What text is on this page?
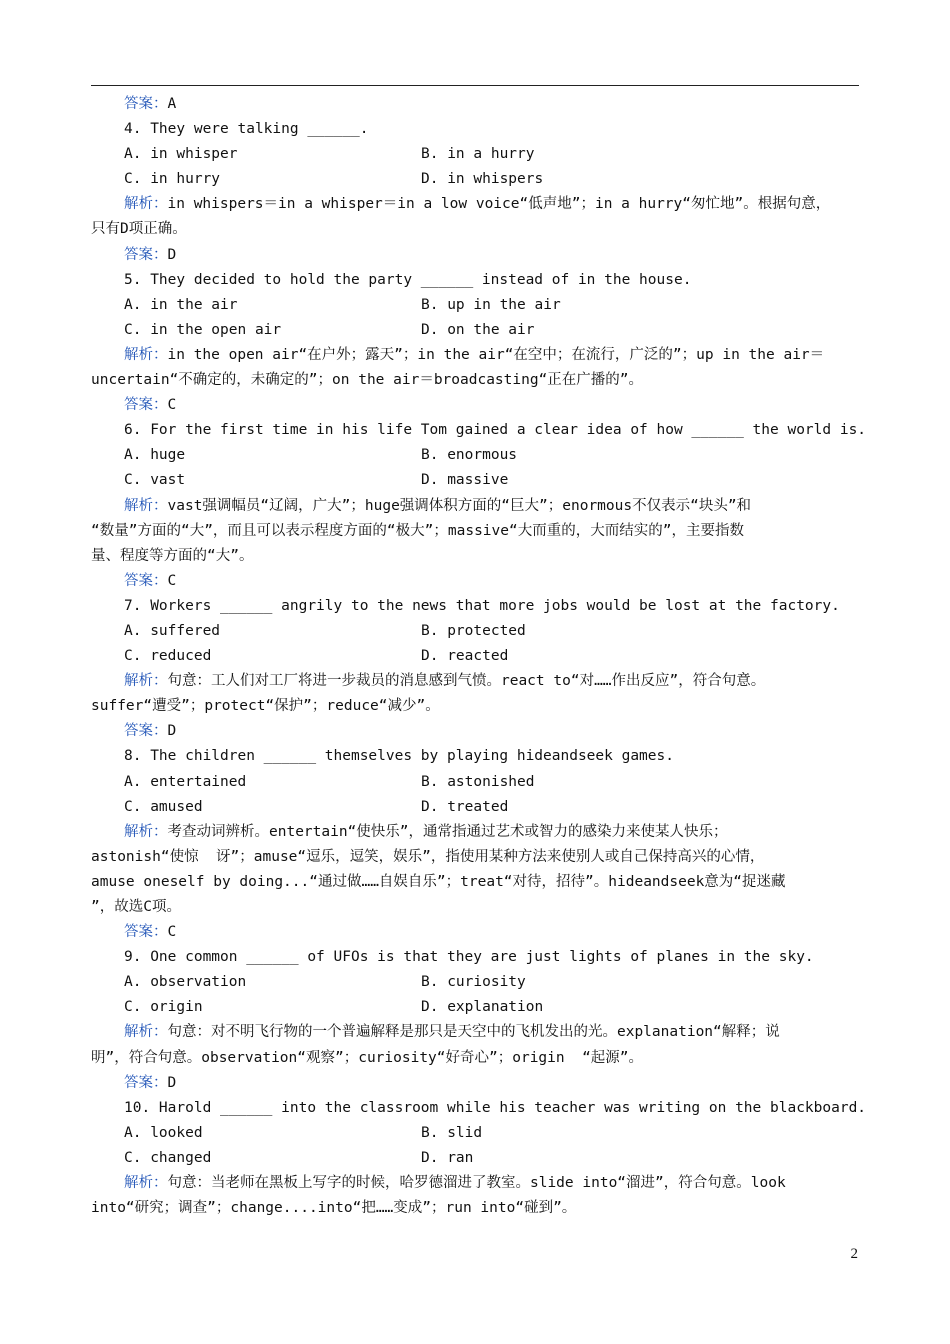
答案：A
4. They were talking ______.
A. in whisper	B. in a hurry
C. in hurry	D. in whispers
解析：in whispers＝in a whisper＝in a low voice“低声地”；in a hurry“匆忙地”。根据句意，
只有D项正确。
答案：D
5. They decided to hold the party ______ instead of in the house.
A. in the air	B. up in the air
C. in the open air	D. on the air
解析：in the open air“在户外；露天”；in the air“在空中；在流行，广泛的”；up in the air＝
uncertain“不确定的，未确定的”；on the air＝broadcasting“正在广播的”。
答案：C
6. For the first time in his life Tom gained a clear idea of how ______ the world is.
A. huge	B. enormous
C. vast	D. massive
解析：vast强调幅员“辽阔，广大”；huge强调体积方面的“巨大”；enormous不仅表示“块头”和
“数量”方面的“大”，而且可以表示程度方面的“极大”；massive“大而重的，大而结实的”，主要指数
量、程度等方面的“大”。
答案：C
7. Workers ______ angrily to the news that more jobs would be lost at the factory.
A. suffered	B. protected
C. reduced	D. reacted
解析：句意：工人们对工厂将进一步裁员的消息感到气愤。react to“对……作出反应”，符合句意。
suffer“遭受”；protect“保护”；reduce“减少”。
答案：D
8. The children ______ themselves by playing hideandseek games.
A. entertained	B. astonished
C. amused	D. treated
解析：考查动词辨析。entertain“使快乐”，通常指通过艺术或智力的感染力来使某人快乐；
astonish“使惊  讶”；amuse“逗乐，逗笑，娱乐”，指使用某种方法来使别人或自己保持高兴的心情，
amuse oneself by doing...“通过做……自娱自乐”；treat“对待，招待”。hideandseek意为“捉迷藏
”，故选C项。
答案：C
9. One common ______ of UFOs is that they are just lights of planes in the sky.
A. observation	B. curiosity
C. origin	D. explanation
解析：句意：对不明飞行物的一个普遍解释是那只是天空中的飞机发出的光。explanation“解释；说
明”，符合句意。observation“观察”；curiosity“好奇心”；origin  “起源”。
答案：D
10. Harold ______ into the classroom while his teacher was writing on the blackboard.
A. looked	B. slid
C. changed	D. ran
解析：句意：当老师在黑板上写字的时候，哈罗德溜进了教室。slide into“溜进”，符合句意。look
into“研究；调查”；change....into“把……变成”；run into“碰到”。
2
